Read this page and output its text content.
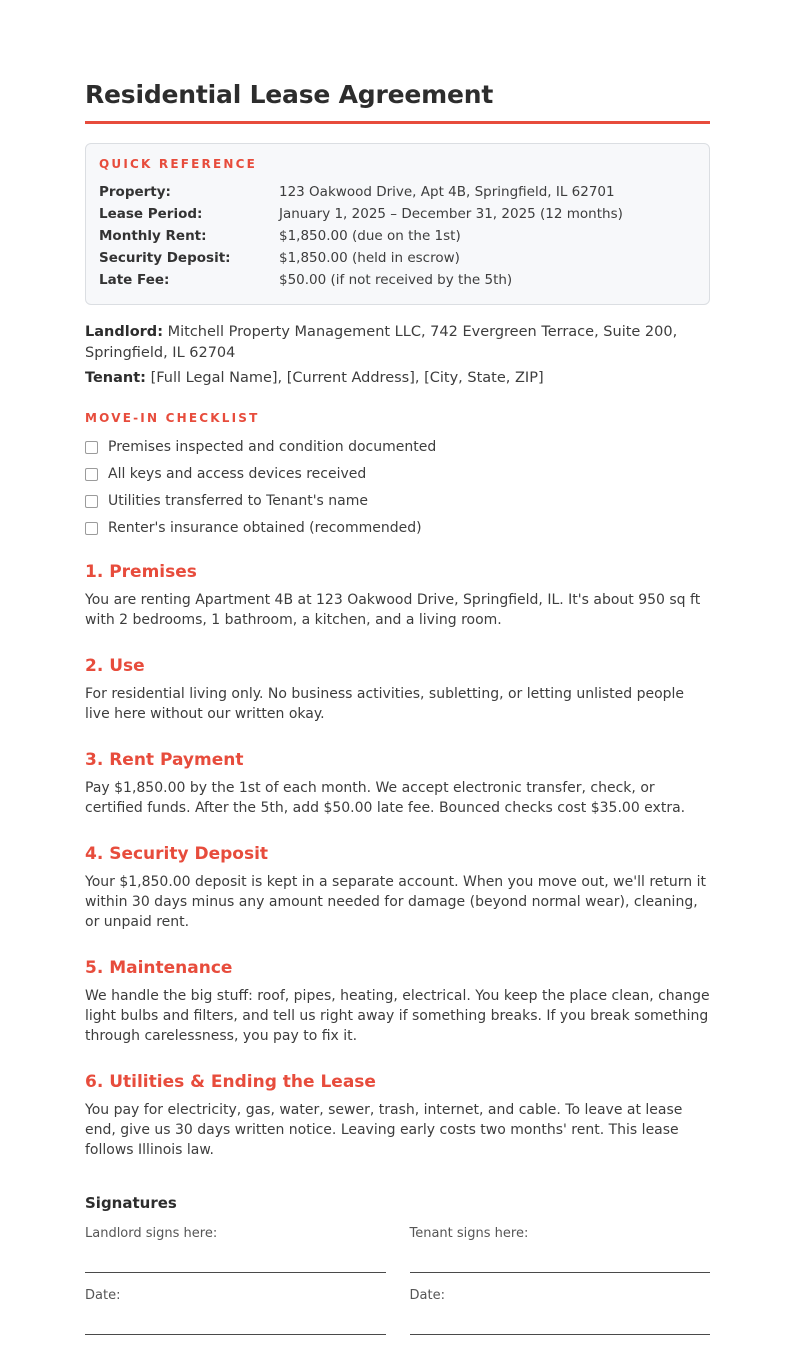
Residential Lease Agreement
QUICK REFERENCE
Property:	123 Oakwood Drive, Apt 4B, Springfield, IL 62701
Lease Period:	January 1, 2025 – December 31, 2025 (12 months)
Monthly Rent:	$1,850.00 (due on the 1st)
Security Deposit:	$1,850.00 (held in escrow)
Late Fee:	$50.00 (if not received by the 5th)

Landlord: Mitchell Property Management LLC, 742 Evergreen Terrace, Suite 200, Springfield, IL 62704

Tenant: [Full Legal Name], [Current Address], [City, State, ZIP]

MOVE-IN CHECKLIST
Premises inspected and condition documented
All keys and access devices received
Utilities transferred to Tenant's name
Renter's insurance obtained (recommended)
1. Premises

You are renting Apartment 4B at 123 Oakwood Drive, Springfield, IL. It's about 950 sq ft with 2 bedrooms, 1 bathroom, a kitchen, and a living room.

2. Use

For residential living only. No business activities, subletting, or letting unlisted people live here without our written okay.

3. Rent Payment

Pay $1,850.00 by the 1st of each month. We accept electronic transfer, check, or certified funds. After the 5th, add $50.00 late fee. Bounced checks cost $35.00 extra.

4. Security Deposit

Your $1,850.00 deposit is kept in a separate account. When you move out, we'll return it within 30 days minus any amount needed for damage (beyond normal wear), cleaning, or unpaid rent.

5. Maintenance

We handle the big stuff: roof, pipes, heating, electrical. You keep the place clean, change light bulbs and filters, and tell us right away if something breaks. If you break something through carelessness, you pay to fix it.

6. Utilities & Ending the Lease

You pay for electricity, gas, water, sewer, trash, internet, and cable. To leave at lease end, give us 30 days written notice. Leaving early costs two months' rent. This lease follows Illinois law.

Signatures
Landlord signs here:
Date:
Tenant signs here:
Date:
